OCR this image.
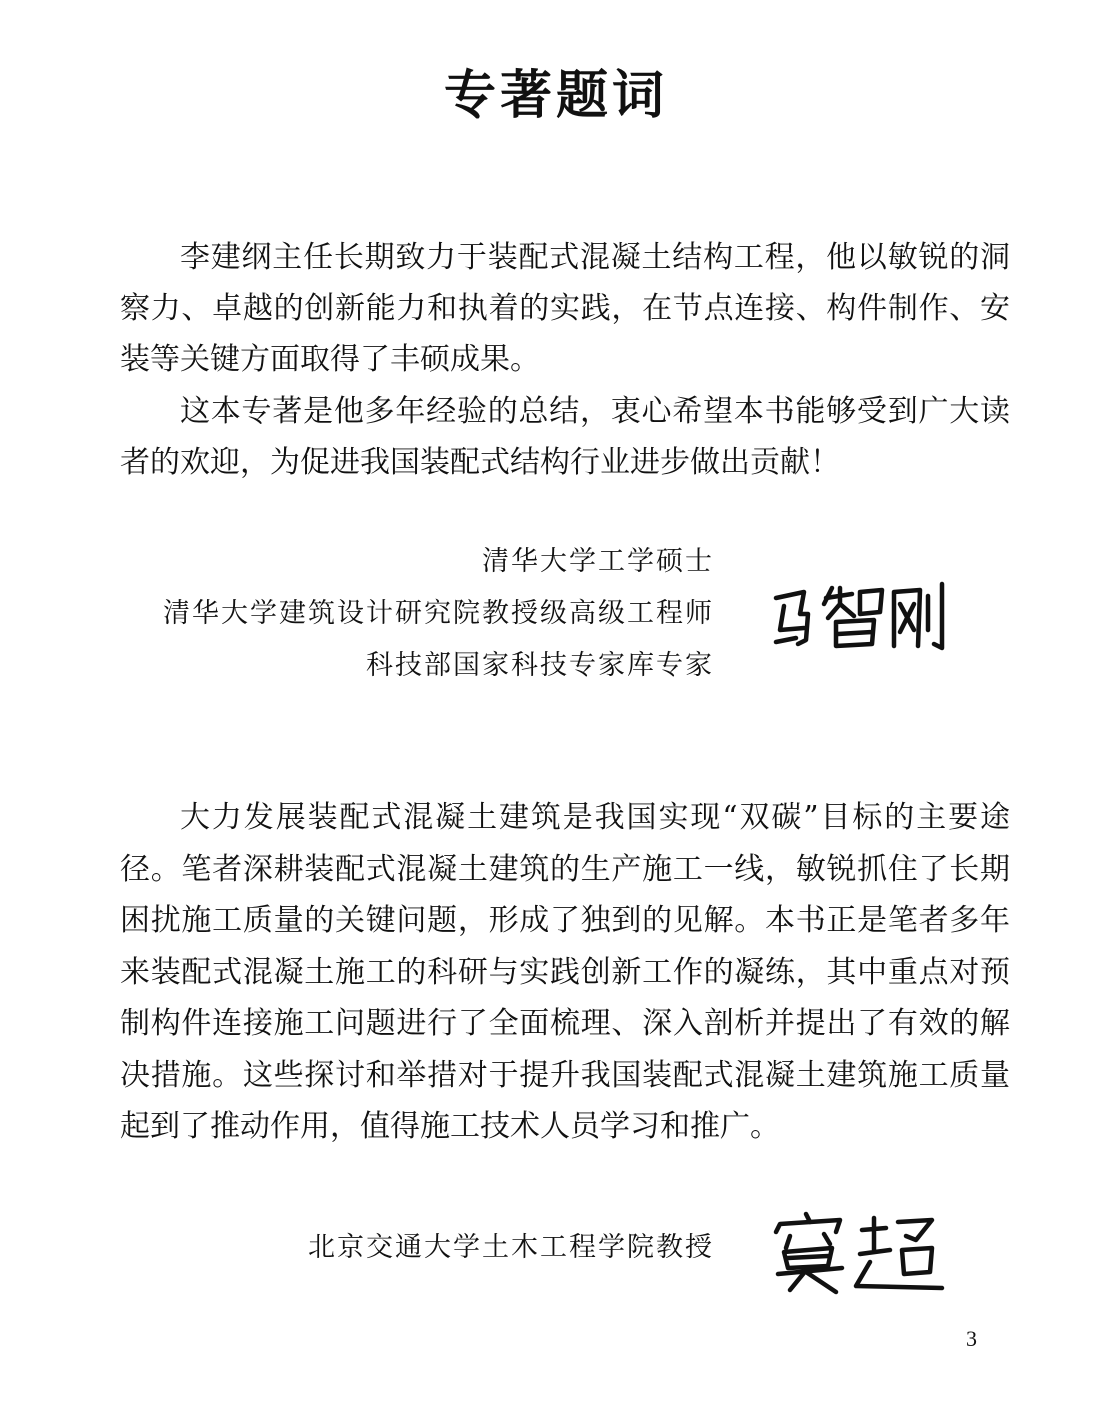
专著题词

李建纲主任长期致力于装配式混凝土结构工程，他以敏锐的洞察力、卓越的创新能力和执着的实践，在节点连接、构件制作、安装等关键方面取得了丰硕成果。

这本专著是他多年经验的总结，衷心希望本书能够受到广大读者的欢迎，为促进我国装配式结构行业进步做出贡献！

清华大学工学硕士
清华大学建筑设计研究院教授级高级工程师
科技部国家科技专家库专家

大力发展装配式混凝土建筑是我国实现“双碳”目标的主要途径。笔者深耕装配式混凝土建筑的生产施工一线，敏锐抓住了长期困扰施工质量的关键问题，形成了独到的见解。本书正是笔者多年来装配式混凝土施工的科研与实践创新工作的凝练，其中重点对预制构件连接施工问题进行了全面梳理、深入剖析并提出了有效的解决措施。这些探讨和举措对于提升我国装配式混凝土建筑施工质量起到了推动作用，值得施工技术人员学习和推广。

北京交通大学土木工程学院教授
3
